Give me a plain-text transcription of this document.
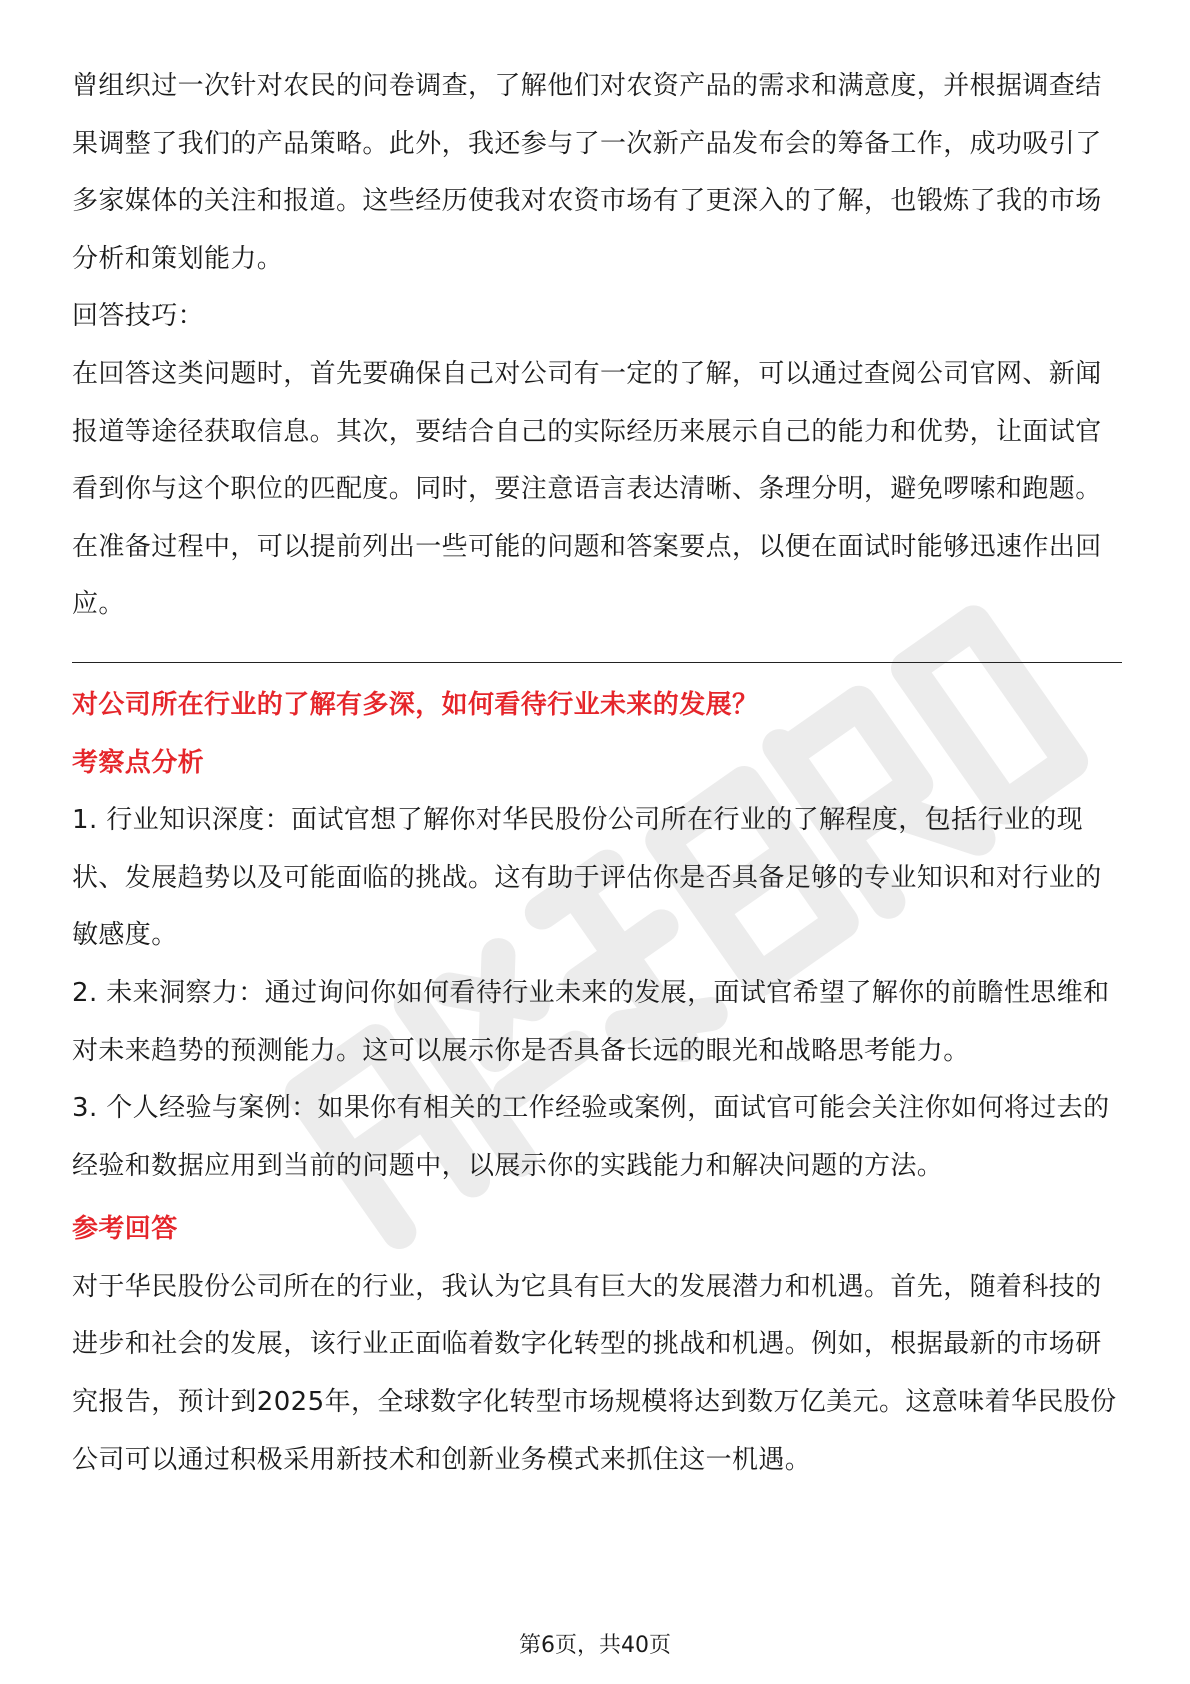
曾组织过一次针对农民的问卷调查，了解他们对农资产品的需求和满意度，并根据调查结果调整了我们的产品策略。此外，我还参与了一次新产品发布会的筹备工作，成功吸引了多家媒体的关注和报道。这些经历使我对农资市场有了更深入的了解，也锻炼了我的市场分析和策划能力。

回答技巧：

在回答这类问题时，首先要确保自己对公司有一定的了解，可以通过查阅公司官网、新闻报道等途径获取信息。其次，要结合自己的实际经历来展示自己的能力和优势，让面试官看到你与这个职位的匹配度。同时，要注意语言表达清晰、条理分明，避免啰嗦和跑题。在准备过程中，可以提前列出一些可能的问题和答案要点，以便在面试时能够迅速作出回应。

对公司所在行业的了解有多深，如何看待行业未来的发展？

考察点分析

1. 行业知识深度：面试官想了解你对华民股份公司所在行业的了解程度，包括行业的现状、发展趋势以及可能面临的挑战。这有助于评估你是否具备足够的专业知识和对行业的敏感度。

2. 未来洞察力：通过询问你如何看待行业未来的发展，面试官希望了解你的前瞻性思维和对未来趋势的预测能力。这可以展示你是否具备长远的眼光和战略思考能力。

3. 个人经验与案例：如果你有相关的工作经验或案例，面试官可能会关注你如何将过去的经验和数据应用到当前的问题中，以展示你的实践能力和解决问题的方法。

参考回答

对于华民股份公司所在的行业，我认为它具有巨大的发展潜力和机遇。首先，随着科技的进步和社会的发展，该行业正面临着数字化转型的挑战和机遇。例如，根据最新的市场研究报告，预计到2025年，全球数字化转型市场规模将达到数万亿美元。这意味着华民股份公司可以通过积极采用新技术和创新业务模式来抓住这一机遇。

第6页，共40页
